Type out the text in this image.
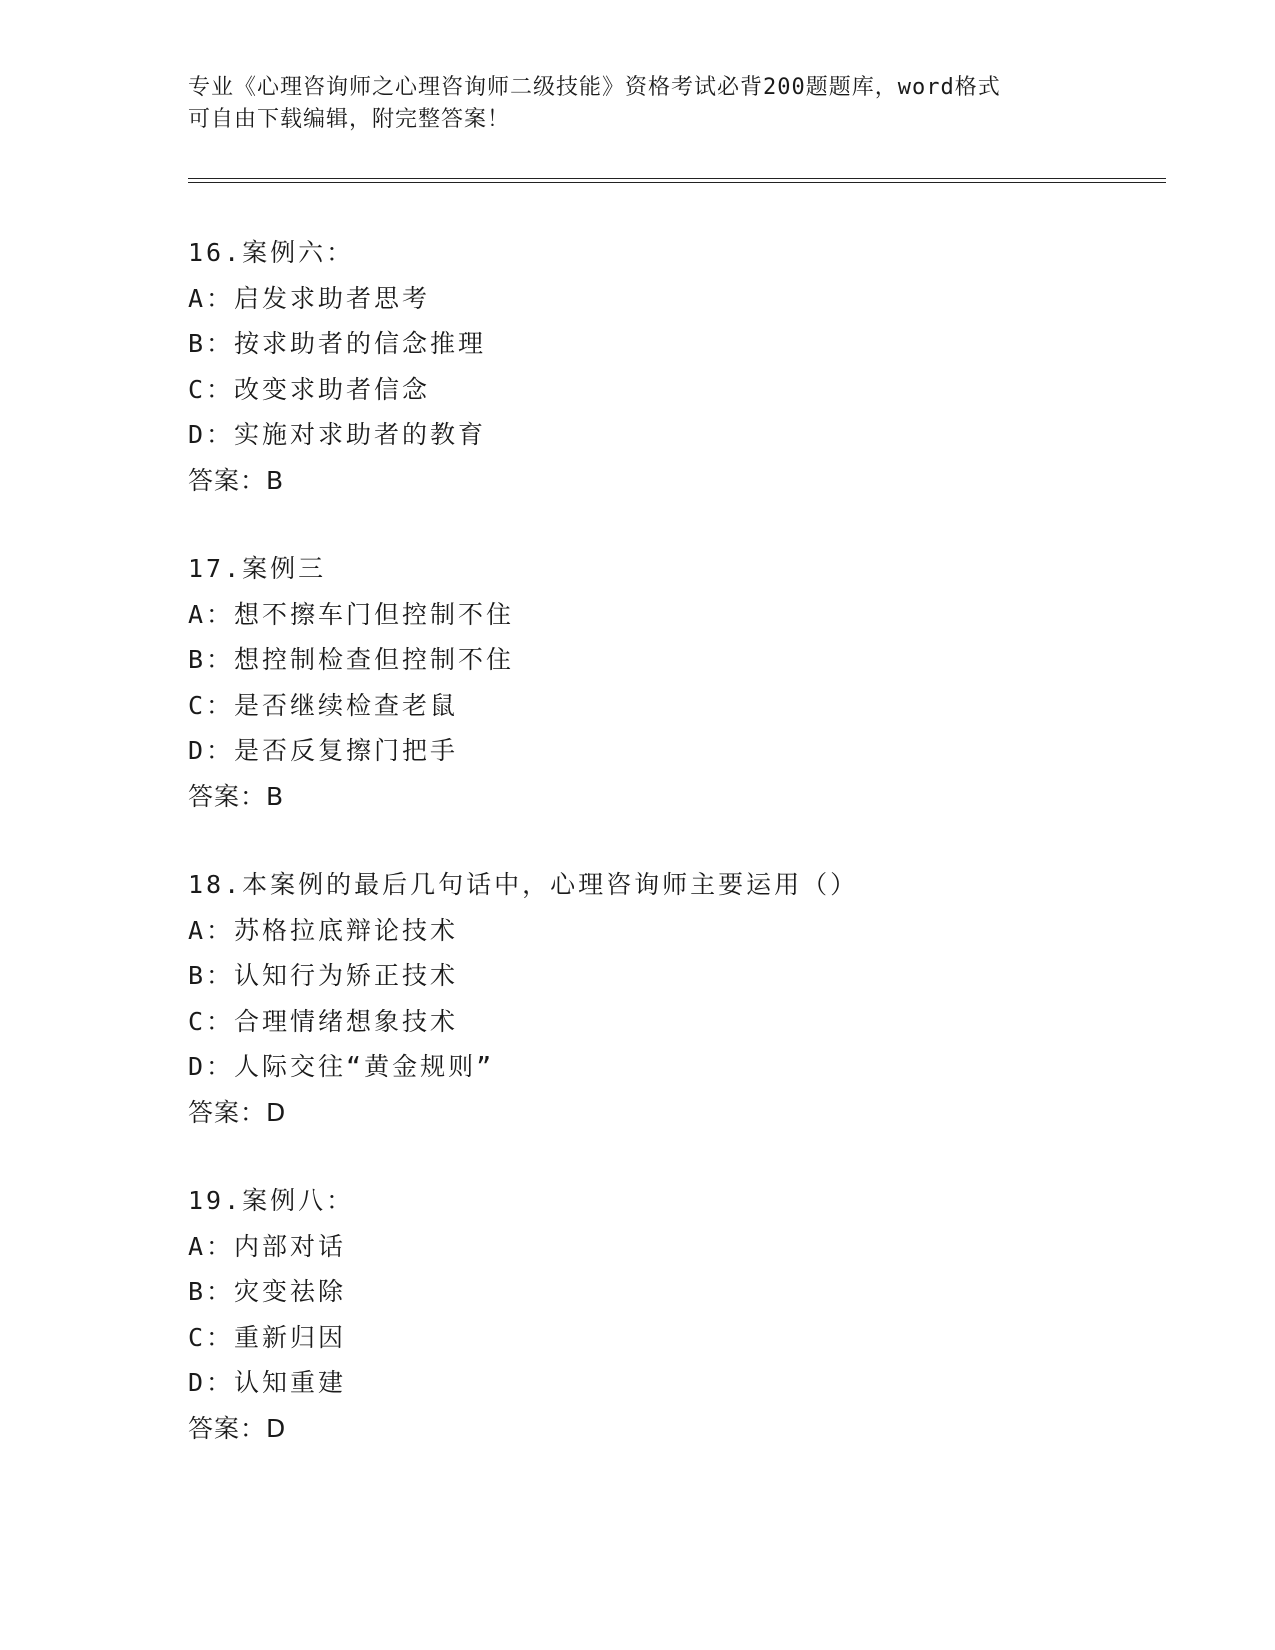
专业《心理咨询师之心理咨询师二级技能》资格考试必背200题题库，word格式
可自由下载编辑，附完整答案！
16.案例六：
A：启发求助者思考
B：按求助者的信念推理
C：改变求助者信念
D：实施对求助者的教育
答案：B
17.案例三
A：想不擦车门但控制不住
B：想控制检查但控制不住
C：是否继续检查老鼠
D：是否反复擦门把手
答案：B
18.本案例的最后几句话中，心理咨询师主要运用（）
A：苏格拉底辩论技术
B：认知行为矫正技术
C：合理情绪想象技术
D：人际交往“黄金规则”
答案：D
19.案例八：
A：内部对话
B：灾变祛除
C：重新归因
D：认知重建
答案：D
